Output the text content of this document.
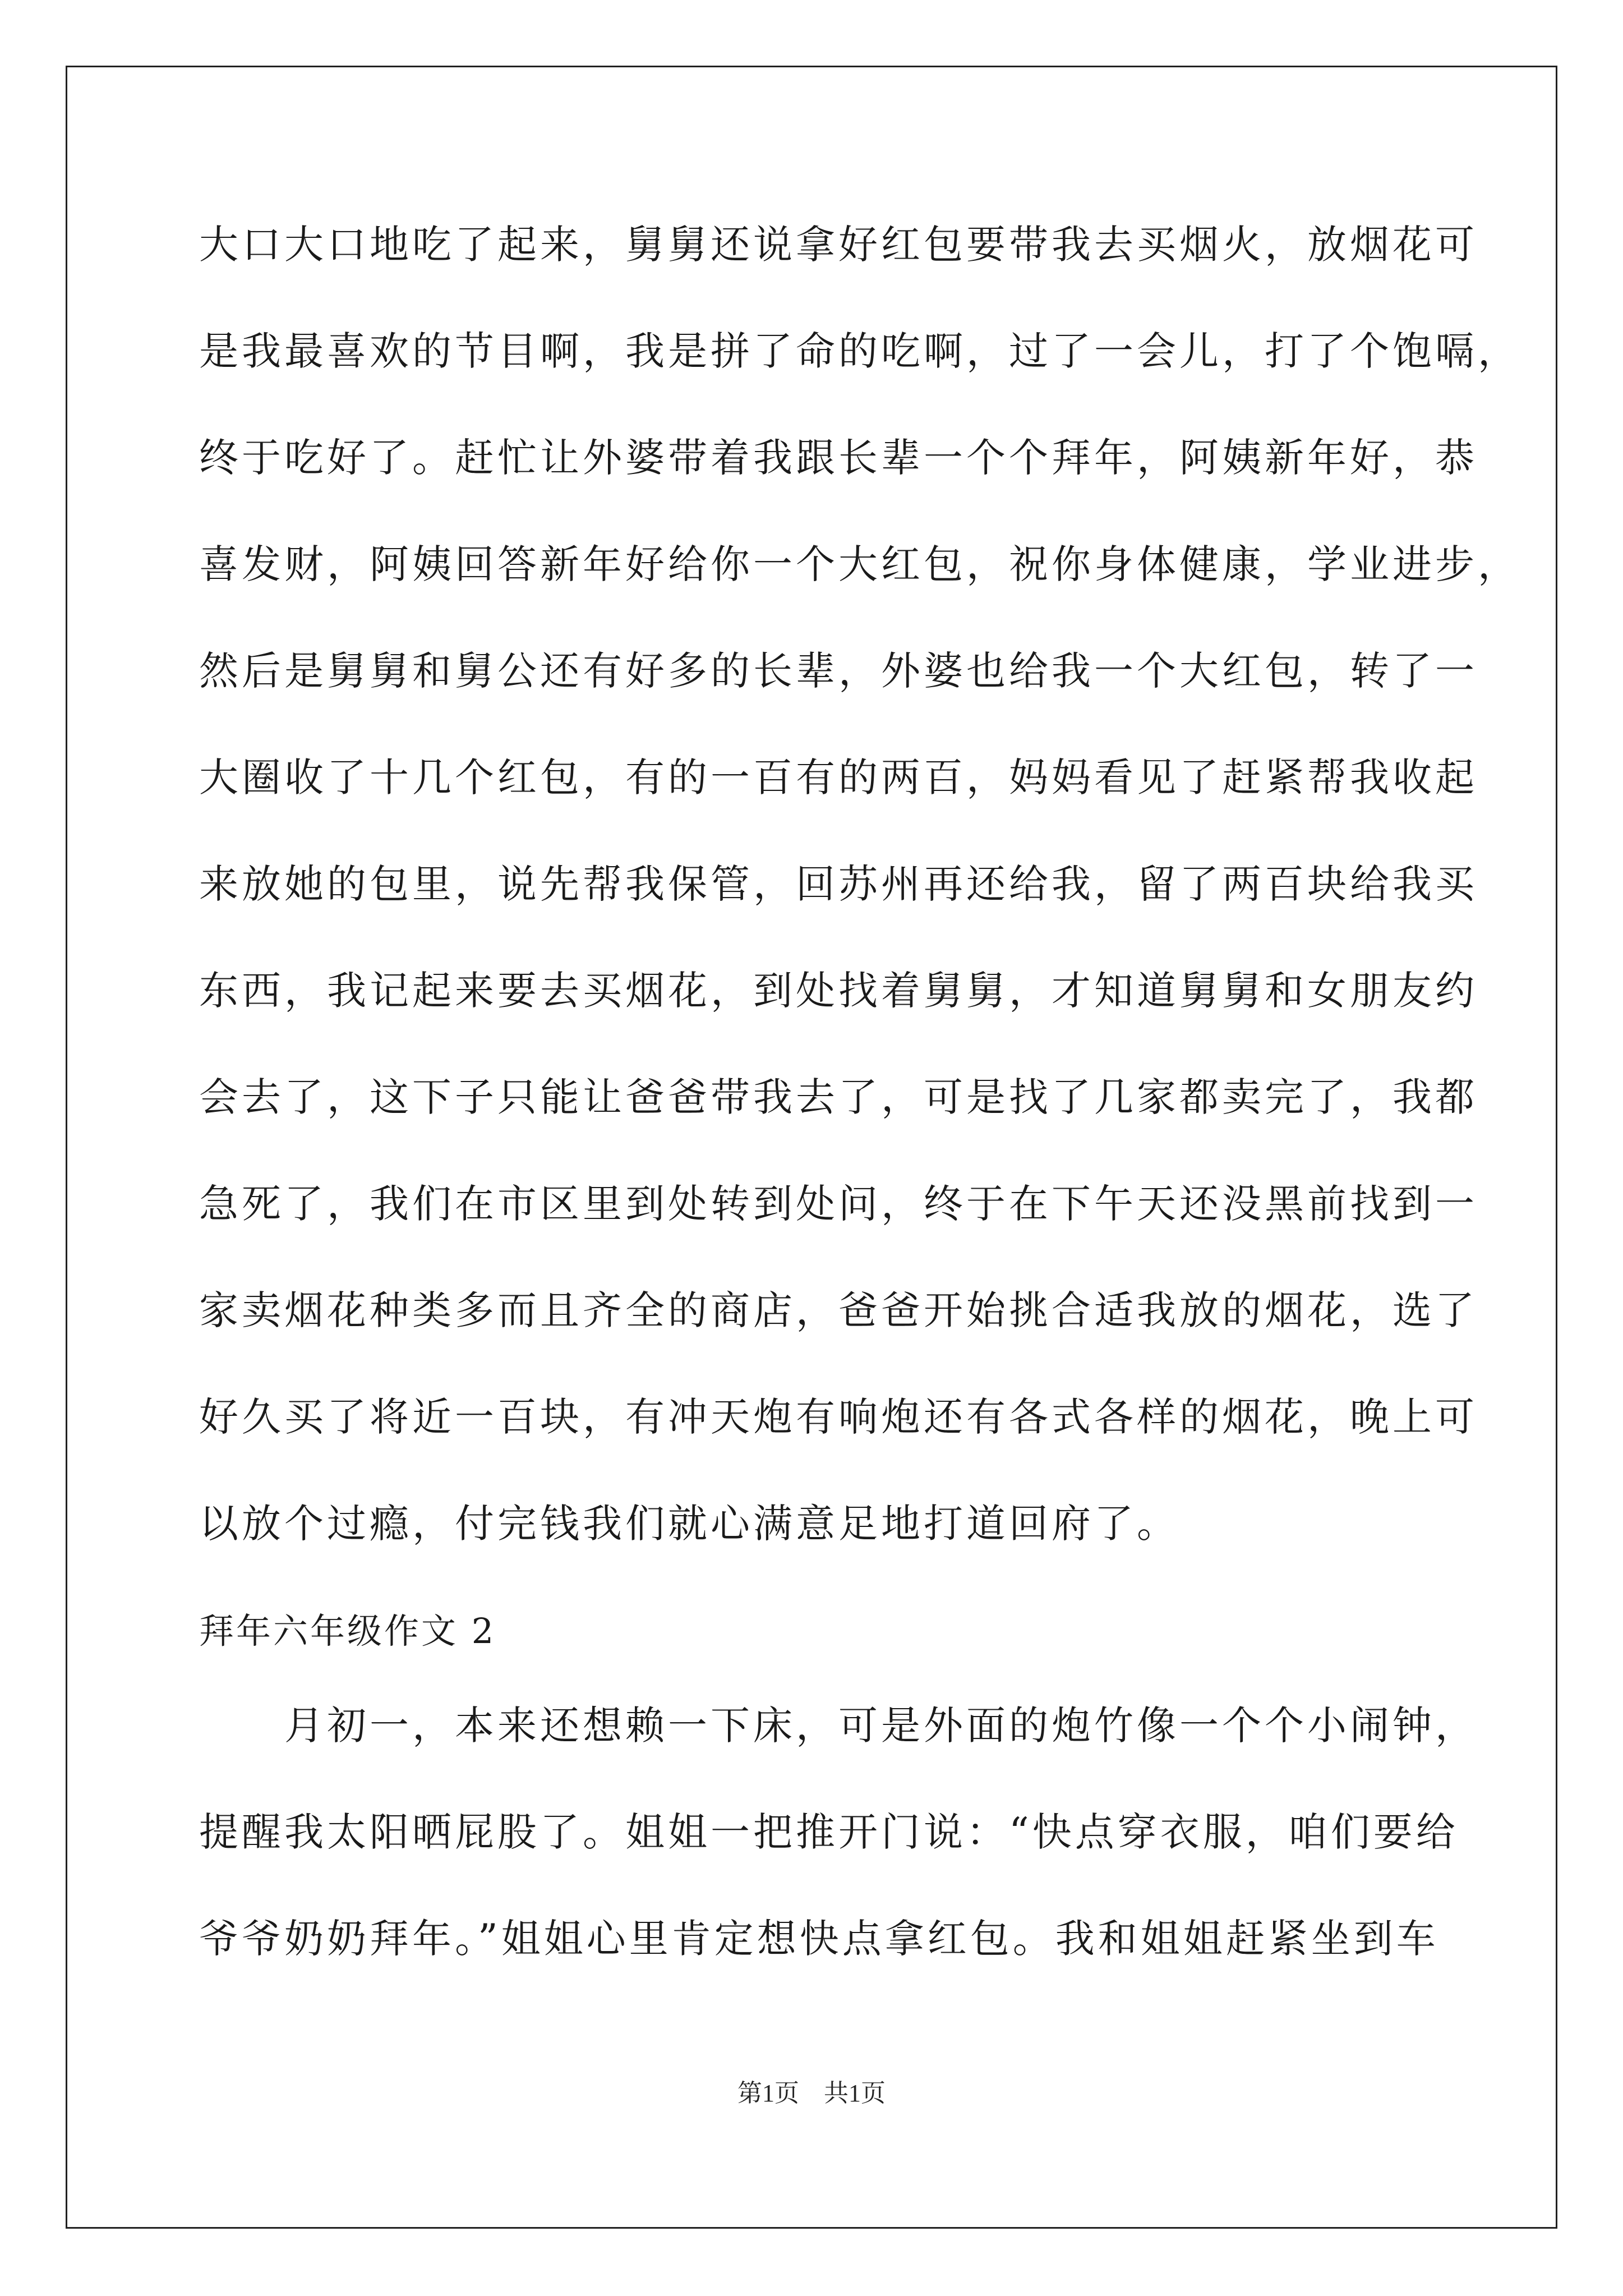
大口大口地吃了起来，舅舅还说拿好红包要带我去买烟火，放烟花可
是我最喜欢的节目啊，我是拼了命的吃啊，过了一会儿，打了个饱嗝，
终于吃好了。赶忙让外婆带着我跟长辈一个个拜年，阿姨新年好，恭
喜发财，阿姨回答新年好给你一个大红包，祝你身体健康，学业进步，
然后是舅舅和舅公还有好多的长辈，外婆也给我一个大红包，转了一
大圈收了十几个红包，有的一百有的两百，妈妈看见了赶紧帮我收起
来放她的包里，说先帮我保管，回苏州再还给我，留了两百块给我买
东西，我记起来要去买烟花，到处找着舅舅，才知道舅舅和女朋友约
会去了，这下子只能让爸爸带我去了，可是找了几家都卖完了，我都
急死了，我们在市区里到处转到处问，终于在下午天还没黑前找到一
家卖烟花种类多而且齐全的商店，爸爸开始挑合适我放的烟花，选了
好久买了将近一百块，有冲天炮有响炮还有各式各样的烟花，晚上可
以放个过瘾，付完钱我们就心满意足地打道回府了。
拜年六年级作文 2
　　月初一，本来还想赖一下床，可是外面的炮竹像一个个小闹钟，
提醒我太阳晒屁股了。姐姐一把推开门说：“快点穿衣服，咱们要给
爷爷奶奶拜年。”姐姐心里肯定想快点拿红包。我和姐姐赶紧坐到车
第1页　共1页
